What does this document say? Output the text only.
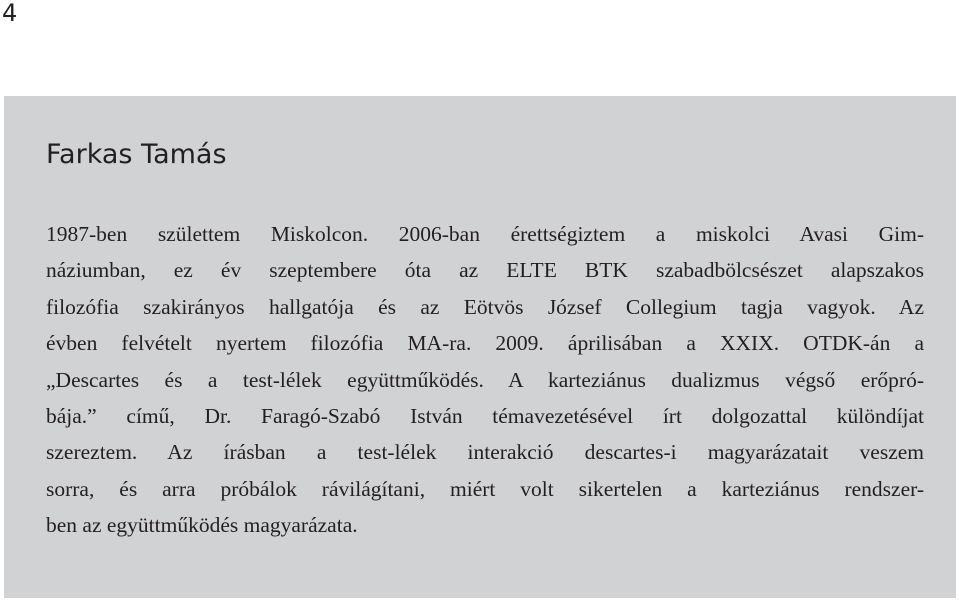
4
Farkas Tamás
1987-ben születtem Miskolcon. 2006-ban érettségiztem a miskolci Avasi Gim-
náziumban, ez év szeptembere óta az ELTE BTK szabadbölcsészet alapszakos
filozófia szakirányos hallgatója és az Eötvös József Collegium tagja vagyok. Az
évben felvételt nyertem filozófia MA-ra. 2009. áprilisában a XXIX. OTDK-án a
„Descartes és a test-lélek együttműködés. A karteziánus dualizmus végső erőpró-
bája.” című, Dr. Faragó-Szabó István témavezetésével írt dolgozattal különdíjat
szereztem. Az írásban a test-lélek interakció descartes-i magyarázatait veszem
sorra, és arra próbálok rávilágítani, miért volt sikertelen a karteziánus rendszer-
ben az együttműködés magyarázata.
